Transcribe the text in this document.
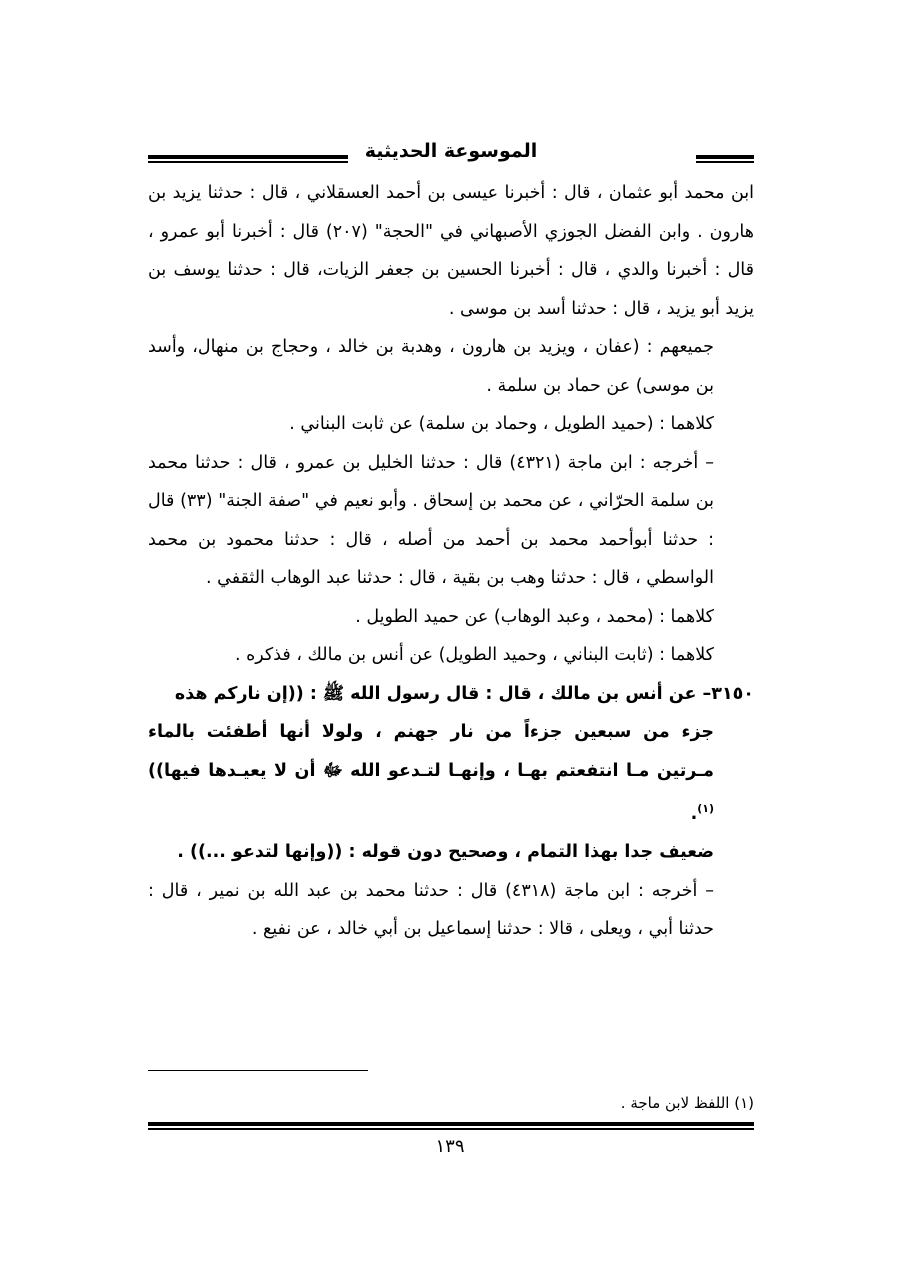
الموسوعة الحديثية

ابن محمد أبو عثمان ، قال : أخبرنا عيسى بن أحمد العسقلاني ، قال : حدثنا يزيد بن هارون . وابن الفضل الجوزي الأصبهاني في "الحجة" (٢٠٧) قال : أخبرنا أبو عمرو ، قال : أخبرنا والدي ، قال : أخبرنا الحسين بن جعفر الزيات، قال : حدثنا يوسف بن يزيد أبو يزيد ، قال : حدثنا أسد بن موسى .

جميعهم : (عفان ، ويزيد بن هارون ، وهدبة بن خالد ، وحجاج بن منهال، وأسد بن موسى) عن حماد بن سلمة .

كلاهما : (حميد الطويل ، وحماد بن سلمة) عن ثابت البناني .

– أخرجه : ابن ماجة (٤٣٢١) قال : حدثنا الخليل بن عمرو ، قال : حدثنا محمد بن سلمة الحرّاني ، عن محمد بن إسحاق . وأبو نعيم في "صفة الجنة" (٣٣) قال : حدثنا أبوأحمد محمد بن أحمد من أصله ، قال : حدثنا محمود بن محمد الواسطي ، قال : حدثنا وهب بن بقية ، قال : حدثنا عبد الوهاب الثقفي .

كلاهما : (محمد ، وعبد الوهاب) عن حميد الطويل .

كلاهما : (ثابت البناني ، وحميد الطويل) عن أنس بن مالك ، فذكره .

٣١٥٠– عن أنس بن مالك ، قال : قال رسول الله ﷺ : ((إن ناركم هذه

جزء من سبعين جزءاً من نار جهنم ، ولولا أنها أطفئت بالماء مـرتين مـا انتفعتم بهـا ، وإنهـا لتـدعو الله ﷻ أن لا يعيـدها فيها))$^{(١)}$.

ضعيف جدا بهذا التمام ، وصحيح دون قوله : ((وإنها لتدعو ...)) .

– أخرجه : ابن ماجة (٤٣١٨) قال : حدثنا محمد بن عبد الله بن نمير ، قال : حدثنا أبي ، ويعلى ، قالا : حدثنا إسماعيل بن أبي خالد ، عن نفيع .

(١) اللفظ لابن ماجة .
١٣٩
